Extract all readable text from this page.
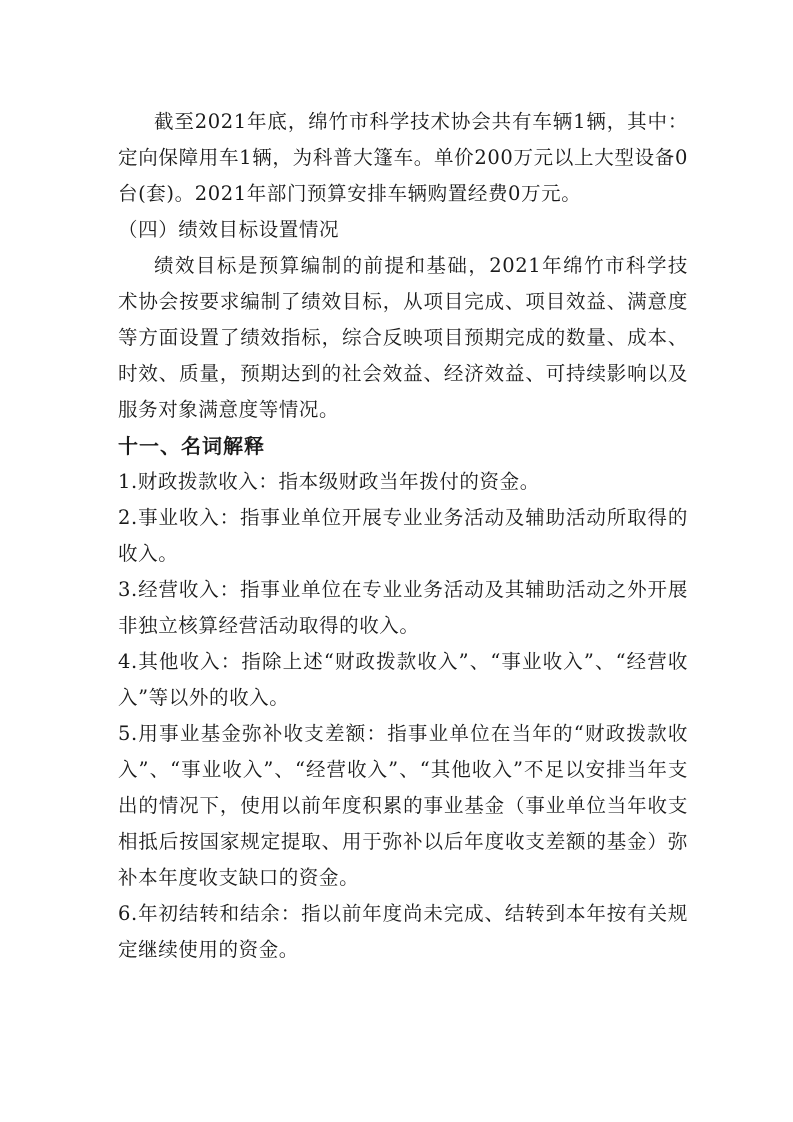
截至2021年底，绵竹市科学技术协会共有车辆1辆，其中：定向保障用车1辆，为科普大篷车。单价200万元以上大型设备0台(套)。2021年部门预算安排车辆购置经费0万元。

（四）绩效目标设置情况

绩效目标是预算编制的前提和基础，2021年绵竹市科学技术协会按要求编制了绩效目标，从项目完成、项目效益、满意度等方面设置了绩效指标，综合反映项目预期完成的数量、成本、时效、质量，预期达到的社会效益、经济效益、可持续影响以及服务对象满意度等情况。

十一、名词解释

1.财政拨款收入：指本级财政当年拨付的资金。

2.事业收入：指事业单位开展专业业务活动及辅助活动所取得的收入。

3.经营收入：指事业单位在专业业务活动及其辅助活动之外开展非独立核算经营活动取得的收入。

4.其他收入：指除上述“财政拨款收入”、“事业收入”、“经营收入”等以外的收入。

5.用事业基金弥补收支差额：指事业单位在当年的“财政拨款收入”、“事业收入”、“经营收入”、“其他收入”不足以安排当年支出的情况下，使用以前年度积累的事业基金（事业单位当年收支相抵后按国家规定提取、用于弥补以后年度收支差额的基金）弥补本年度收支缺口的资金。

6.年初结转和结余：指以前年度尚未完成、结转到本年按有关规定继续使用的资金。
